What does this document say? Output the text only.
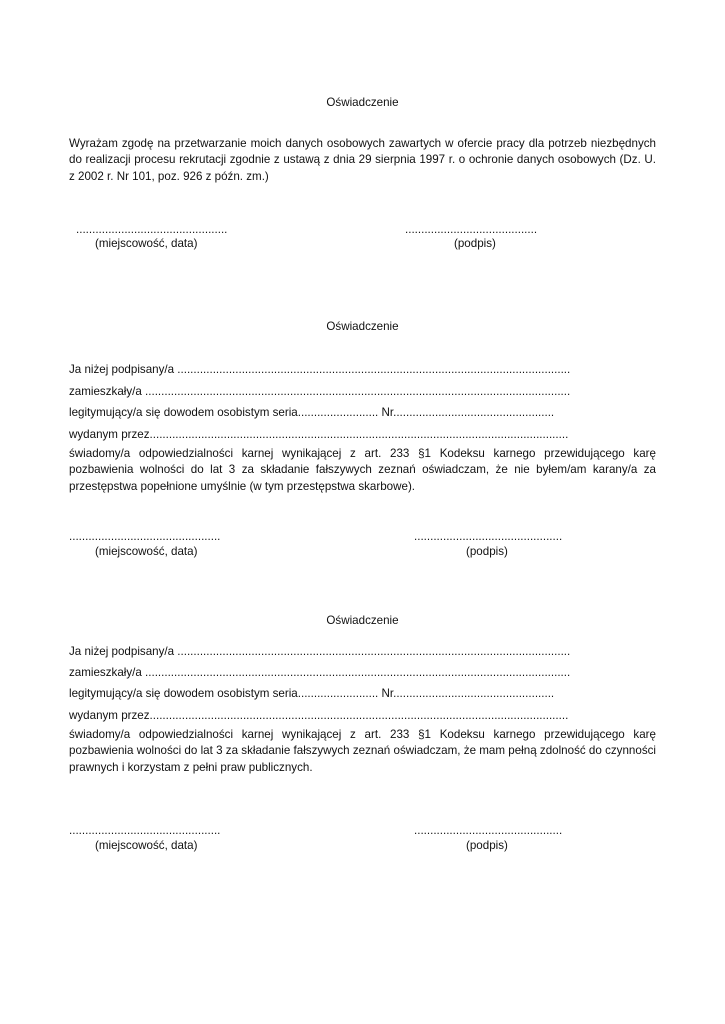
Oświadczenie
Wyrażam zgodę na przetwarzanie moich danych osobowych zawartych w ofercie pracy dla potrzeb niezbędnych do realizacji procesu rekrutacji zgodnie z ustawą z dnia 29 sierpnia 1997 r. o ochronie danych osobowych (Dz. U. z 2002 r. Nr 101, poz. 926 z późn. zm.)
...............................................
(miejscowość, data)
.........................................
(podpis)
Oświadczenie
Ja niżej podpisany/a ..........................................................................................................................
zamieszkały/a ....................................................................................................................................
legitymujący/a się dowodem osobistym seria......................... Nr..................................................
wydanym przez..................................................................................................................................
świadomy/a odpowiedzialności karnej wynikającej z art. 233 §1 Kodeksu karnego przewidującego karę pozbawienia wolności do lat 3 za składanie fałszywych zeznań oświadczam, że nie byłem/am karany/a za przestępstwa popełnione umyślnie (w tym przestępstwa skarbowe).
...............................................
(miejscowość, data)
..............................................
(podpis)
Oświadczenie
Ja niżej podpisany/a ..........................................................................................................................
zamieszkały/a ....................................................................................................................................
legitymujący/a się dowodem osobistym seria......................... Nr..................................................
wydanym przez..................................................................................................................................
świadomy/a odpowiedzialności karnej wynikającej z art. 233 §1 Kodeksu karnego przewidującego karę pozbawienia wolności do lat 3 za składanie fałszywych zeznań oświadczam, że mam pełną zdolność do czynności prawnych i korzystam z pełni praw publicznych.
...............................................
(miejscowość, data)
..............................................
(podpis)
